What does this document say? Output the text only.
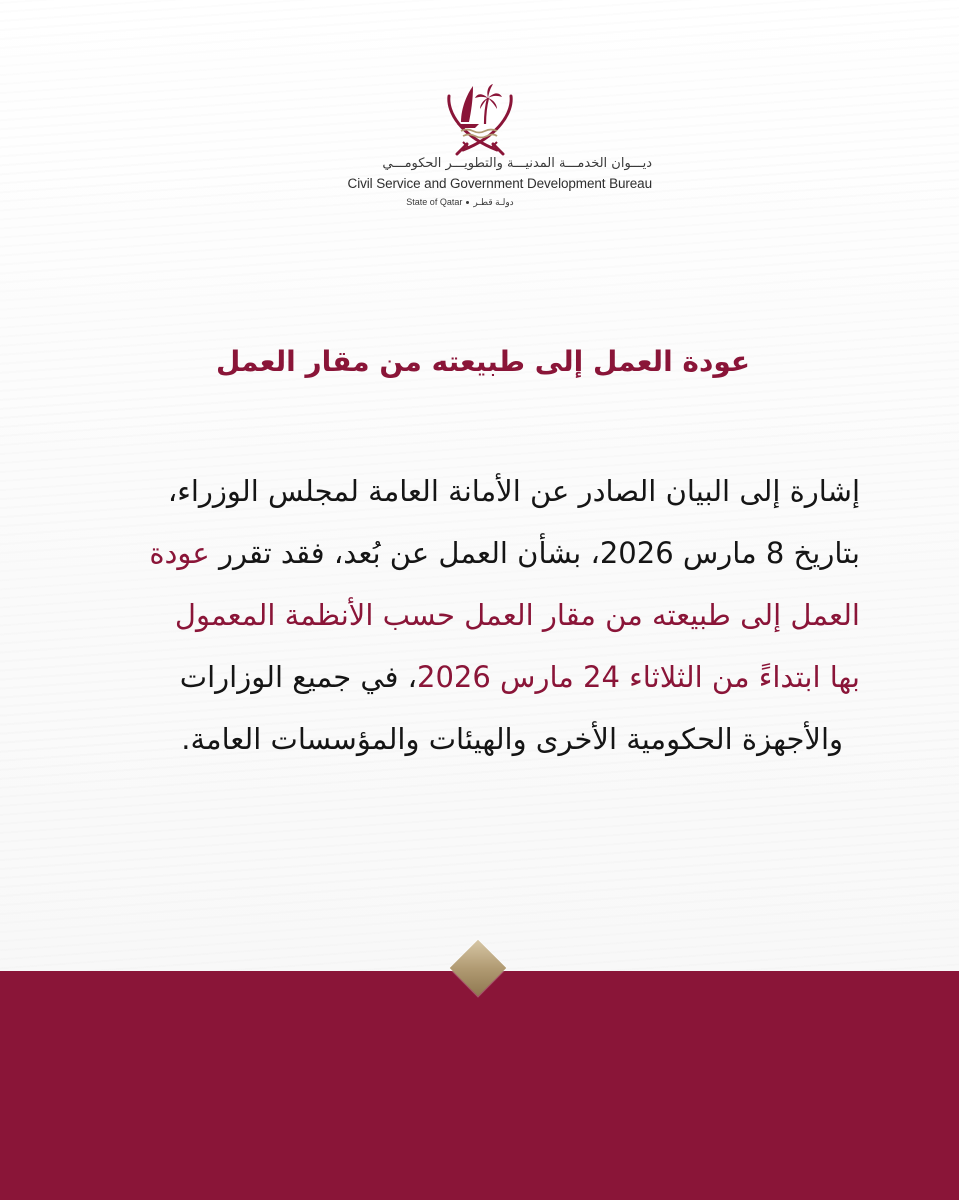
ديـــوان الخدمـــة المدنيـــة والتطويـــر الحكومـــي
Civil Service and Government Development Bureau
State of Qatar دولـة قطـر
عودة العمل إلى طبيعته من مقار العمل
إشارة إلى البيان الصادر عن الأمانة العامة لمجلس الوزراء،
بتاريخ 8 مارس 2026، بشأن العمل عن بُعد، فقد تقرر عودة
العمل إلى طبيعته من مقار العمل حسب الأنظمة المعمول
بها ابتداءً من الثلاثاء 24 مارس 2026، في جميع الوزارات
والأجهزة الحكومية الأخرى والهيئات والمؤسسات العامة.
